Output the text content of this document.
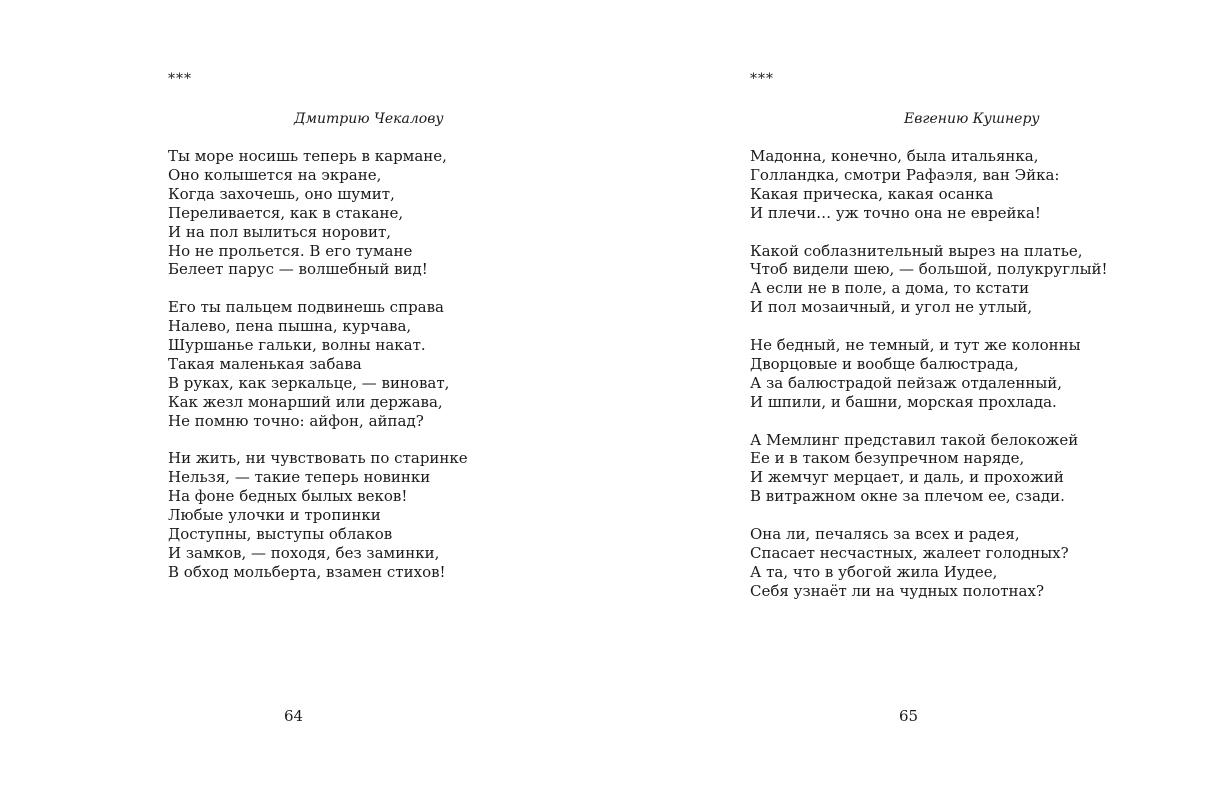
***
Дмитрию Чекалову
Ты море носишь теперь в кармане,
Оно колышется на экране,
Когда захочешь, оно шумит,
Переливается, как в стакане,
И на пол вылиться норовит,
Но не прольется. В его тумане
Белеет парус — волшебный вид!
Его ты пальцем подвинешь справа
Налево, пена пышна, курчава,
Шуршанье гальки, волны накат.
Такая маленькая забава
В руках, как зеркальце, — виноват,
Как жезл монарший или держава,
Не помню точно: айфон, айпад?
Ни жить, ни чувствовать по старинке
Нельзя, — такие теперь новинки
На фоне бедных былых веков!
Любые улочки и тропинки
Доступны, выступы облаков
И замков, — походя, без заминки,
В обход мольберта, взамен стихов!
64
***
Евгению Кушнеру
Мадонна, конечно, была итальянка,
Голландка, смотри Рафаэля, ван Эйка:
Какая прическа, какая осанка
И плечи… уж точно она не еврейка!
Какой соблазнительный вырез на платье,
Чтоб видели шею, — большой, полукруглый!
А если не в поле, а дома, то кстати
И пол мозаичный, и угол не утлый,
Не бедный, не темный, и тут же колонны
Дворцовые и вообще балюстрада,
А за балюстрадой пейзаж отдаленный,
И шпили, и башни, морская прохлада.
А Мемлинг представил такой белокожей
Ее и в таком безупречном наряде,
И жемчуг мерцает, и даль, и прохожий
В витражном окне за плечом ее, сзади.
Она ли, печалясь за всех и радея,
Спасает несчастных, жалеет голодных?
А та, что в убогой жила Иудее,
Себя узнаёт ли на чудных полотнах?
65
